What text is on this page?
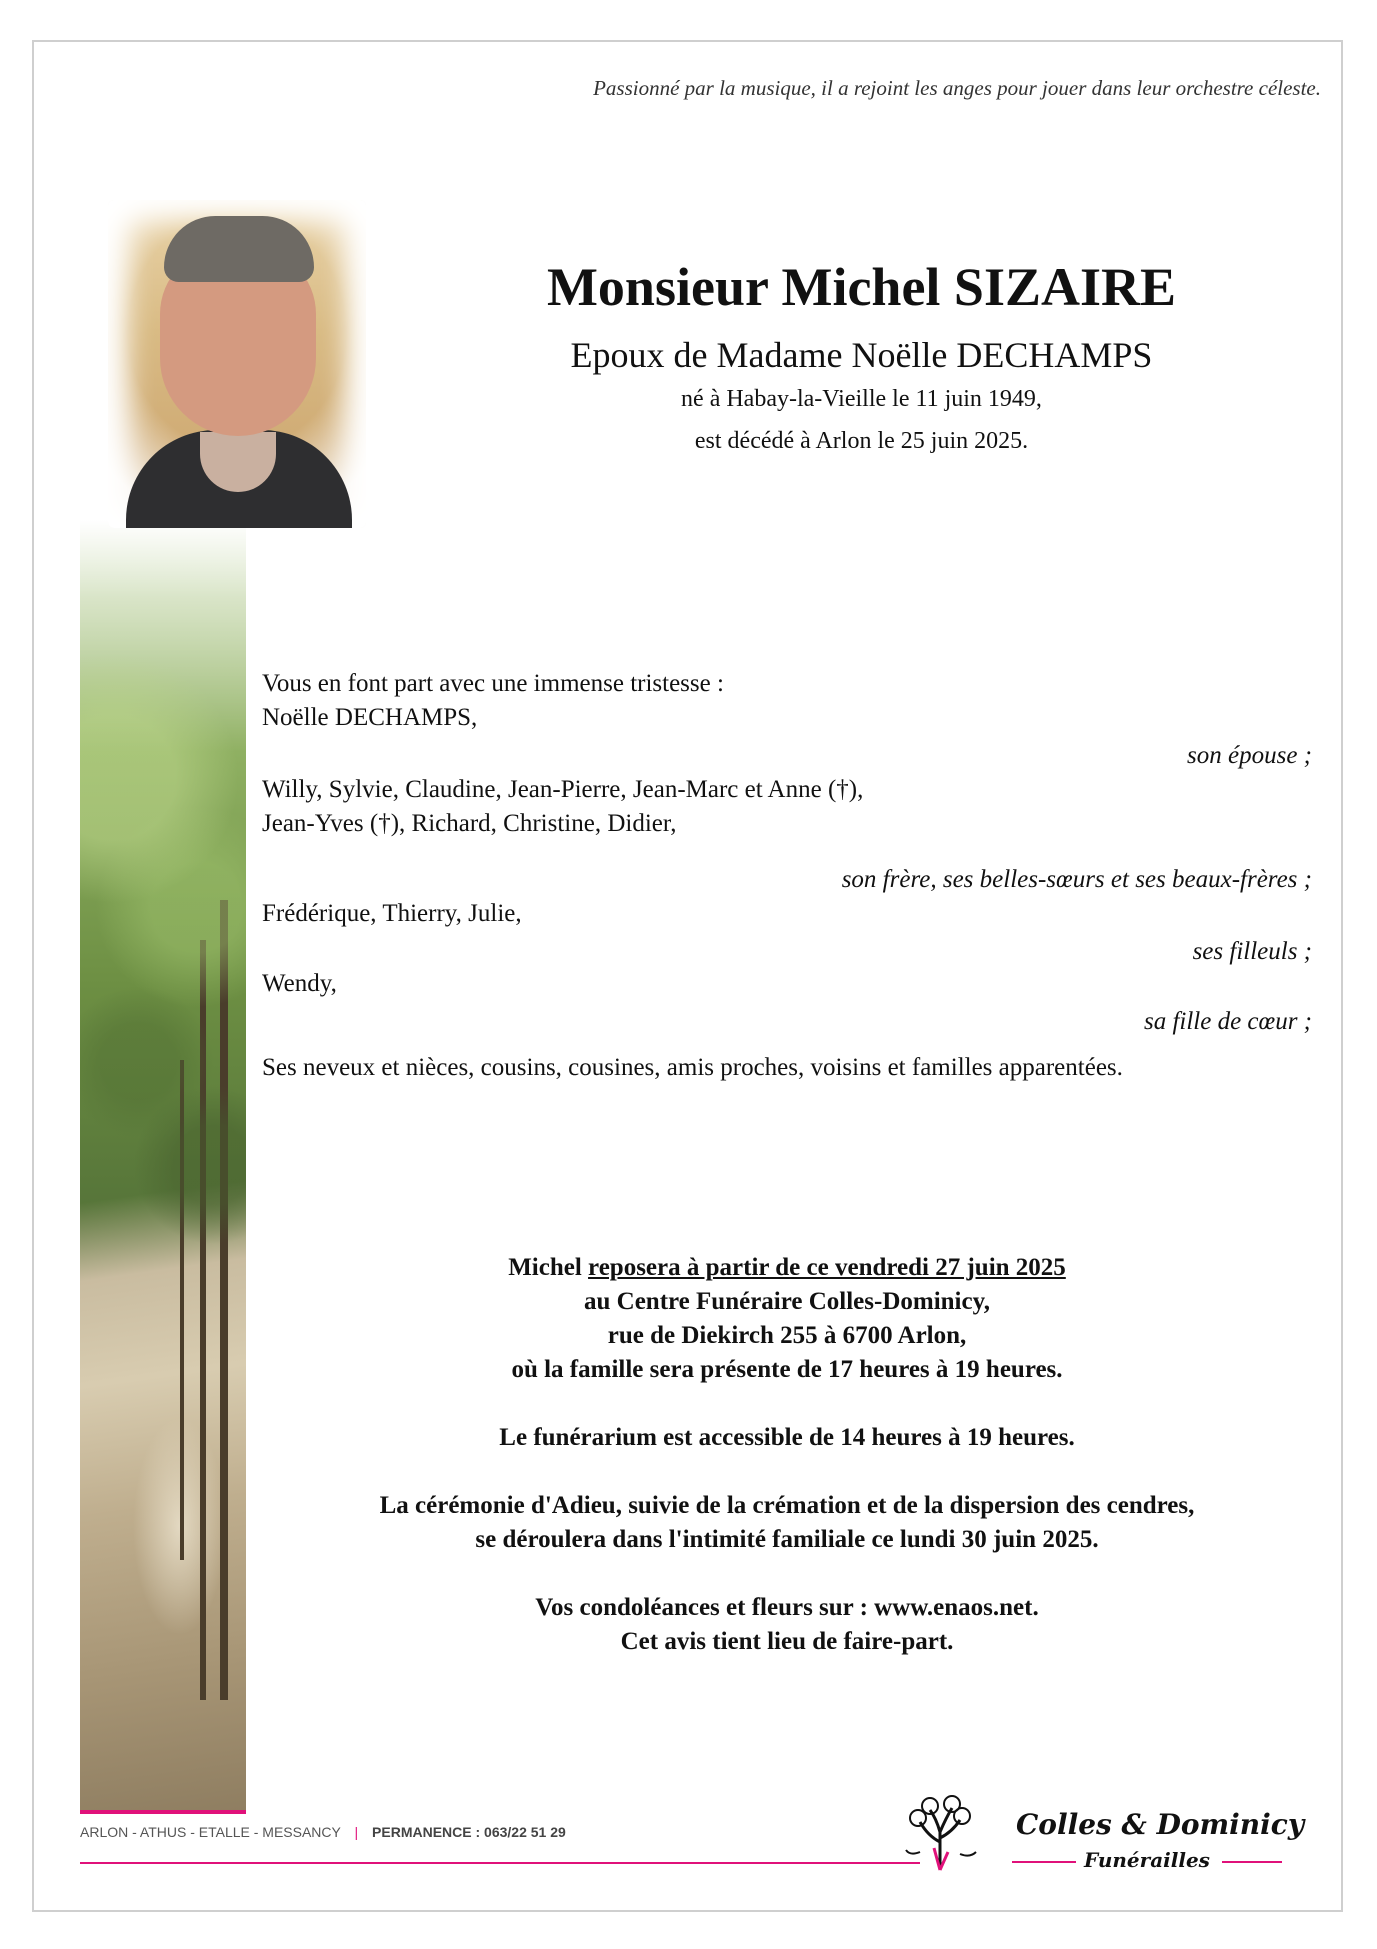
Passionné par la musique, il a rejoint les anges pour jouer dans leur orchestre céleste.
Monsieur Michel SIZAIRE
Epoux de Madame Noëlle DECHAMPS
né à Habay-la-Vieille le 11 juin 1949,
est décédé à Arlon le 25 juin 2025.
Vous en font part avec une immense tristesse :
Noëlle DECHAMPS,
son épouse ;
Willy, Sylvie, Claudine, Jean-Pierre, Jean-Marc et Anne (†),
Jean-Yves (†), Richard, Christine, Didier,
son frère, ses belles-sœurs et ses beaux-frères ;
Frédérique, Thierry, Julie,
ses filleuls ;
Wendy,
sa fille de cœur ;
Ses neveux et nièces, cousins, cousines, amis proches, voisins et familles apparentées.
Michel reposera à partir de ce vendredi 27 juin 2025
au Centre Funéraire Colles-Dominicy,
rue de Diekirch 255 à 6700 Arlon,
où la famille sera présente de 17 heures à 19 heures.
Le funérarium est accessible de 14 heures à 19 heures.
La cérémonie d'Adieu, suivie de la crémation et de la dispersion des cendres,
se déroulera dans l'intimité familiale ce lundi 30 juin 2025.
Vos condoléances et fleurs sur : www.enaos.net.
Cet avis tient lieu de faire-part.
ARLON - ATHUS - ETALLE - MESSANCY | PERMANENCE : 063/22 51 29	Colles & Dominicy
Funérailles
